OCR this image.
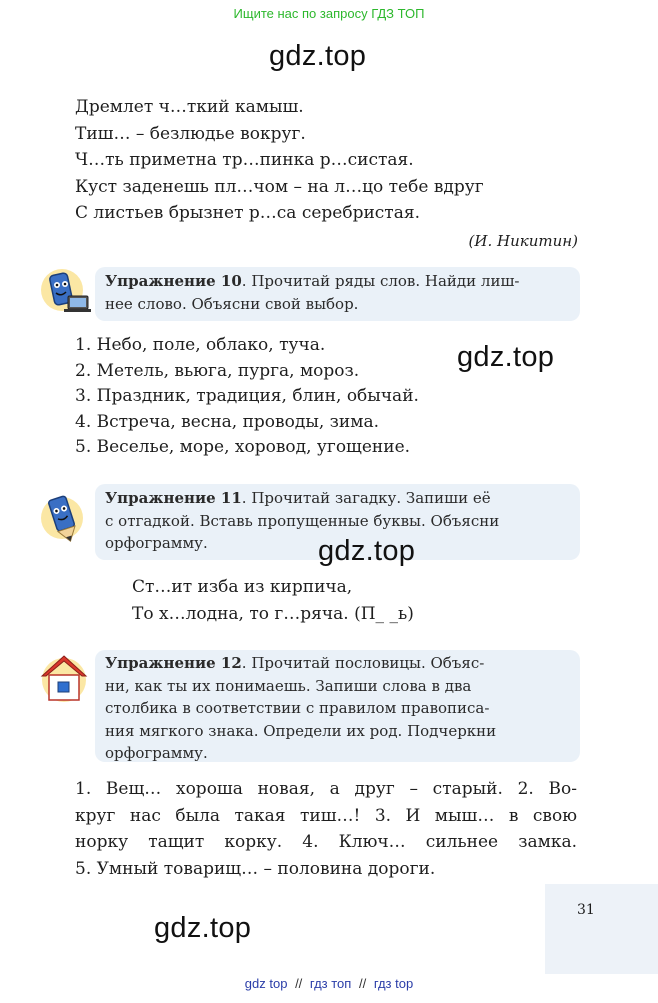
Ищите нас по запросу ГДЗ ТОП
gdz.top
Дремлет ч…ткий камыш.
Тиш… – безлюдье вокруг.
Ч…ть приметна тр…пинка р…систая.
Куст заденешь пл…чом – на л…цо тебе вдруг
С листьев брызнет р…са серебристая.
(И. Никитин)
Упражнение 10. Прочитай ряды слов. Найди лиш-
нее слово. Объясни свой выбор.
1. Небо, поле, облако, туча.
2. Метель, вьюга, пурга, мороз.
3. Праздник, традиция, блин, обычай.
4. Встреча, весна, проводы, зима.
5. Веселье, море, хоровод, угощение.
gdz.top
Упражнение 11. Прочитай загадку. Запиши её
с отгадкой. Вставь пропущенные буквы. Объясни
орфограмму.	gdz.top
Ст…ит изба из кирпича,
То х…лодна, то г…ряча. (П_ _ь)
Упражнение 12. Прочитай пословицы. Объяс-
ни, как ты их понимаешь. Запиши слова в два
столбика в соответствии с правилом правописа-
ния мягкого знака. Определи их род. Подчеркни
орфограмму.
1. Вещ… хороша новая, а друг – старый. 2. Во-
круг нас была такая тиш…! 3. И мыш… в свою
норку тащит корку. 4. Ключ… сильнее замка.
5. Умный товарищ… – половина дороги.
31
gdz.top
gdz top // гдз топ // гдз top
